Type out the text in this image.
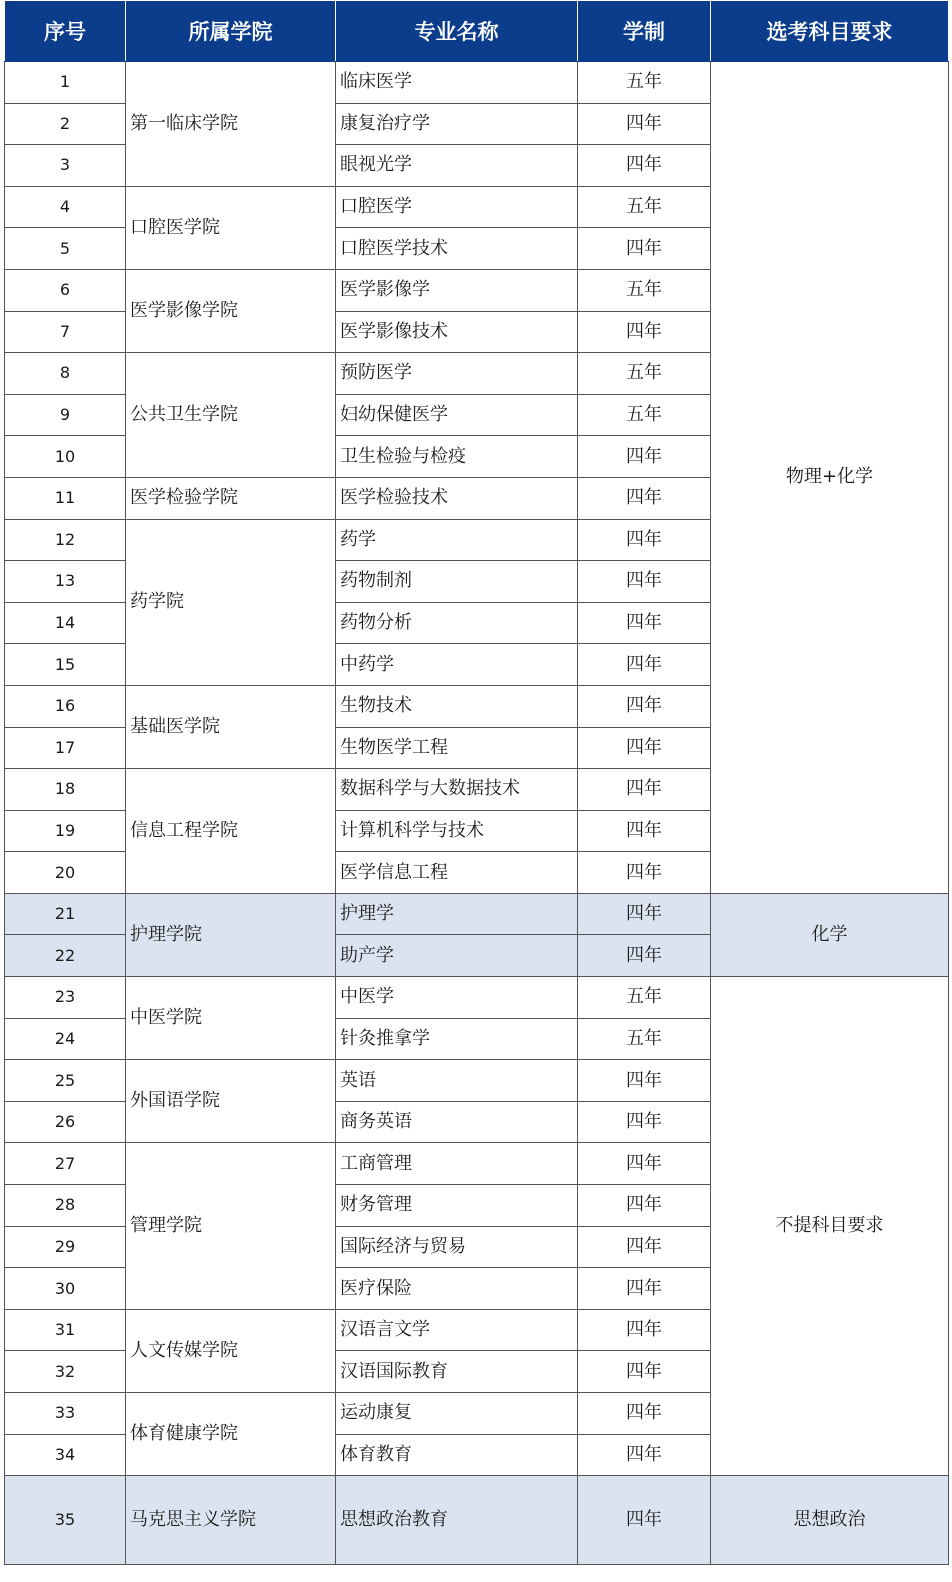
序号	所属学院	专业名称	学制	选考科目要求
1	第一临床学院	临床医学	五年	物理+化学
2		康复治疗学	四年	
3		眼视光学	四年	
4	口腔医学院	口腔医学	五年	
5		口腔医学技术	四年	
6	医学影像学院	医学影像学	五年	
7		医学影像技术	四年	
8	公共卫生学院	预防医学	五年	
9		妇幼保健医学	五年	
10		卫生检验与检疫	四年	
11	医学检验学院	医学检验技术	四年	
12	药学院	药学	四年	
13		药物制剂	四年	
14		药物分析	四年	
15		中药学	四年	
16	基础医学院	生物技术	四年	
17		生物医学工程	四年	
18	信息工程学院	数据科学与大数据技术	四年	
19		计算机科学与技术	四年	
20		医学信息工程	四年	
21	护理学院	护理学	四年	化学
22		助产学	四年	
23	中医学院	中医学	五年	不提科目要求
24		针灸推拿学	五年	
25	外国语学院	英语	四年	
26		商务英语	四年	
27	管理学院	工商管理	四年	
28		财务管理	四年	
29		国际经济与贸易	四年	
30		医疗保险	四年	
31	人文传媒学院	汉语言文学	四年	
32		汉语国际教育	四年	
33	体育健康学院	运动康复	四年	
34		体育教育	四年	
35	马克思主义学院	思想政治教育	四年	思想政治
